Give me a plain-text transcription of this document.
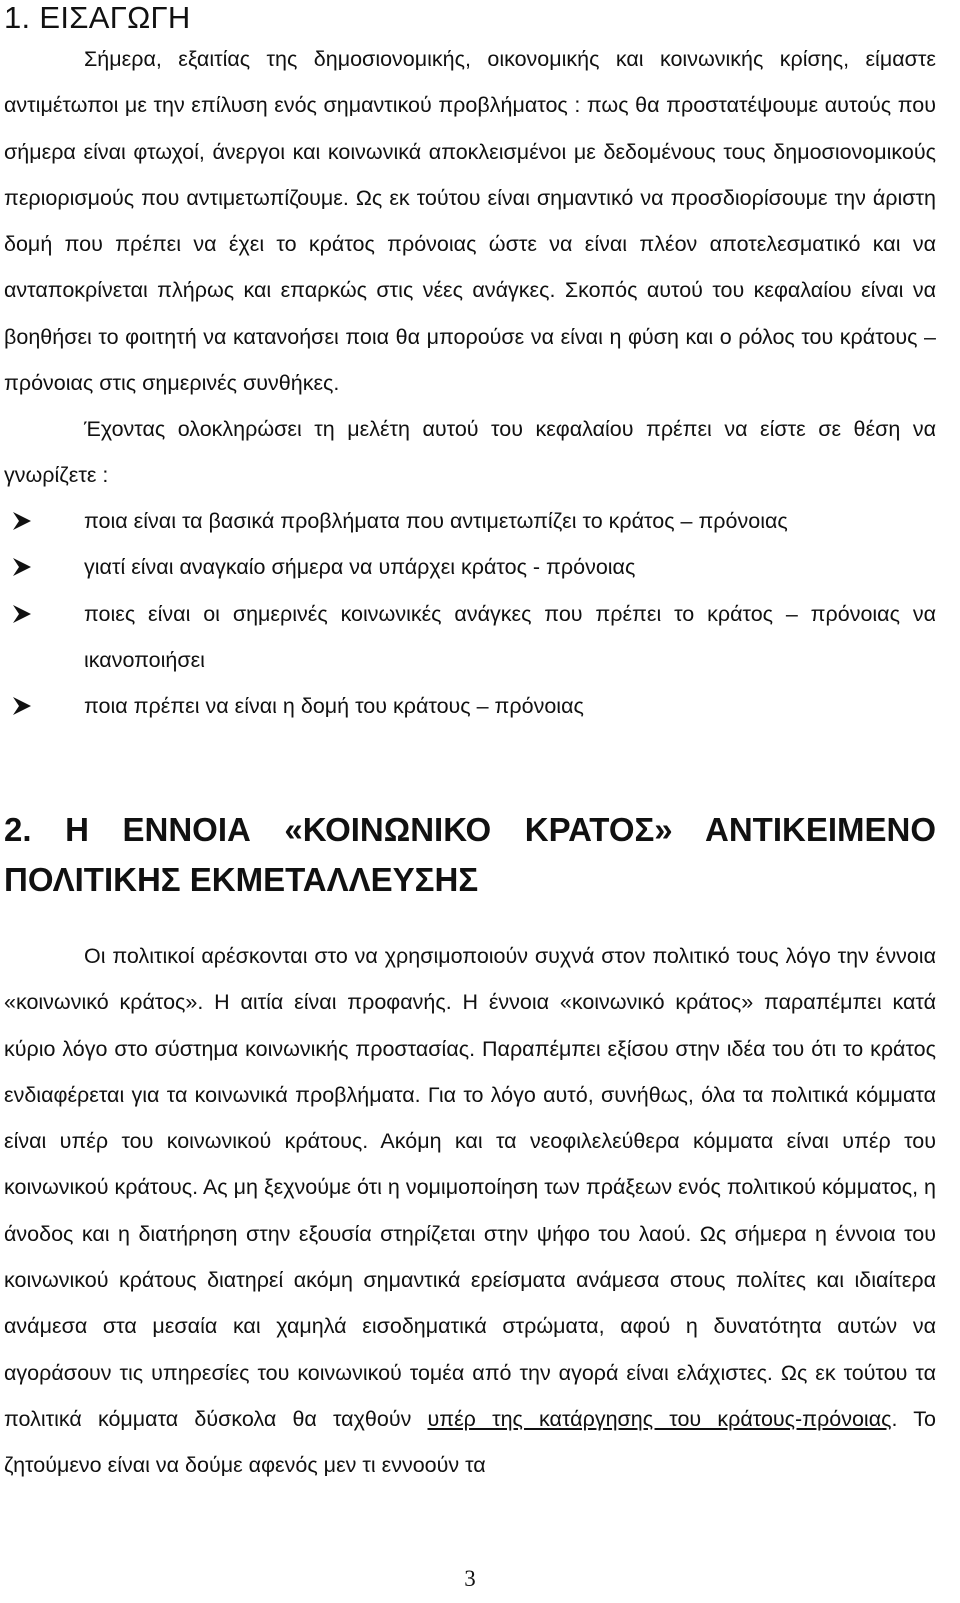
1. ΕΙΣΑΓΩΓΗ

Σήμερα, εξαιτίας της δημοσιονομικής, οικονομικής και κοινωνικής κρίσης, είμαστε αντιμέτωποι με την επίλυση ενός σημαντικού προβλήματος : πως θα προστατέψουμε αυτούς που σήμερα είναι φτωχοί, άνεργοι και κοινωνικά αποκλεισμένοι με δεδομένους τους δημοσιονομικούς περιορισμούς που αντιμετωπίζουμε. Ως εκ τούτου είναι σημαντικό να προσδιορίσουμε την άριστη δομή που πρέπει να έχει το κράτος πρόνοιας ώστε να είναι πλέον αποτελεσματικό και να ανταποκρίνεται πλήρως και επαρκώς στις νέες ανάγκες. Σκοπός αυτού του κεφαλαίου είναι να βοηθήσει το φοιτητή να κατανοήσει ποια θα μπορούσε να είναι η φύση και ο ρόλος του κράτους – πρόνοιας στις σημερινές συνθήκες.

Έχοντας ολοκληρώσει τη μελέτη αυτού του κεφαλαίου πρέπει να είστε σε θέση να γνωρίζετε :

ποια είναι τα βασικά προβλήματα που αντιμετωπίζει το κράτος – πρόνοιας
γιατί είναι αναγκαίο σήμερα να υπάρχει κράτος - πρόνοιας
ποιες είναι οι σημερινές κοινωνικές ανάγκες που πρέπει το κράτος – πρόνοιας να ικανοποιήσει
ποια πρέπει να είναι η δομή του κράτους – πρόνοιας
2. Η ΕΝΝΟΙΑ «ΚΟΙΝΩΝΙΚΟ ΚΡΑΤΟΣ» ΑΝΤΙΚΕΙΜΕΝΟ
ΠΟΛΙΤΙΚΗΣ ΕΚΜΕΤΑΛΛΕΥΣΗΣ

Οι πολιτικοί αρέσκονται στο να χρησιμοποιούν συχνά στον πολιτικό τους λόγο την έννοια «κοινωνικό κράτος». Η αιτία είναι προφανής. Η έννοια «κοινωνικό κράτος» παραπέμπει κατά κύριο λόγο στο σύστημα κοινωνικής προστασίας. Παραπέμπει εξίσου στην ιδέα του ότι το κράτος ενδιαφέρεται για τα κοινωνικά προβλήματα. Για το λόγο αυτό, συνήθως, όλα τα πολιτικά κόμματα είναι υπέρ του κοινωνικού κράτους. Ακόμη και τα νεοφιλελεύθερα κόμματα είναι υπέρ του κοινωνικού κράτους. Ας μη ξεχνούμε ότι η νομιμοποίηση των πράξεων ενός πολιτικού κόμματος, η άνοδος και η διατήρηση στην εξουσία στηρίζεται στην ψήφο του λαού. Ως σήμερα η έννοια του κοινωνικού κράτους διατηρεί ακόμη σημαντικά ερείσματα ανάμεσα στους πολίτες και ιδιαίτερα ανάμεσα στα μεσαία και χαμηλά εισοδηματικά στρώματα, αφού η δυνατότητα αυτών να αγοράσουν τις υπηρεσίες του κοινωνικού τομέα από την αγορά είναι ελάχιστες. Ως εκ τούτου τα πολιτικά κόμματα δύσκολα θα ταχθούν υπέρ της κατάργησης του κράτους-πρόνοιας. Το ζητούμενο είναι να δούμε αφενός μεν τι εννοούν τα

3
